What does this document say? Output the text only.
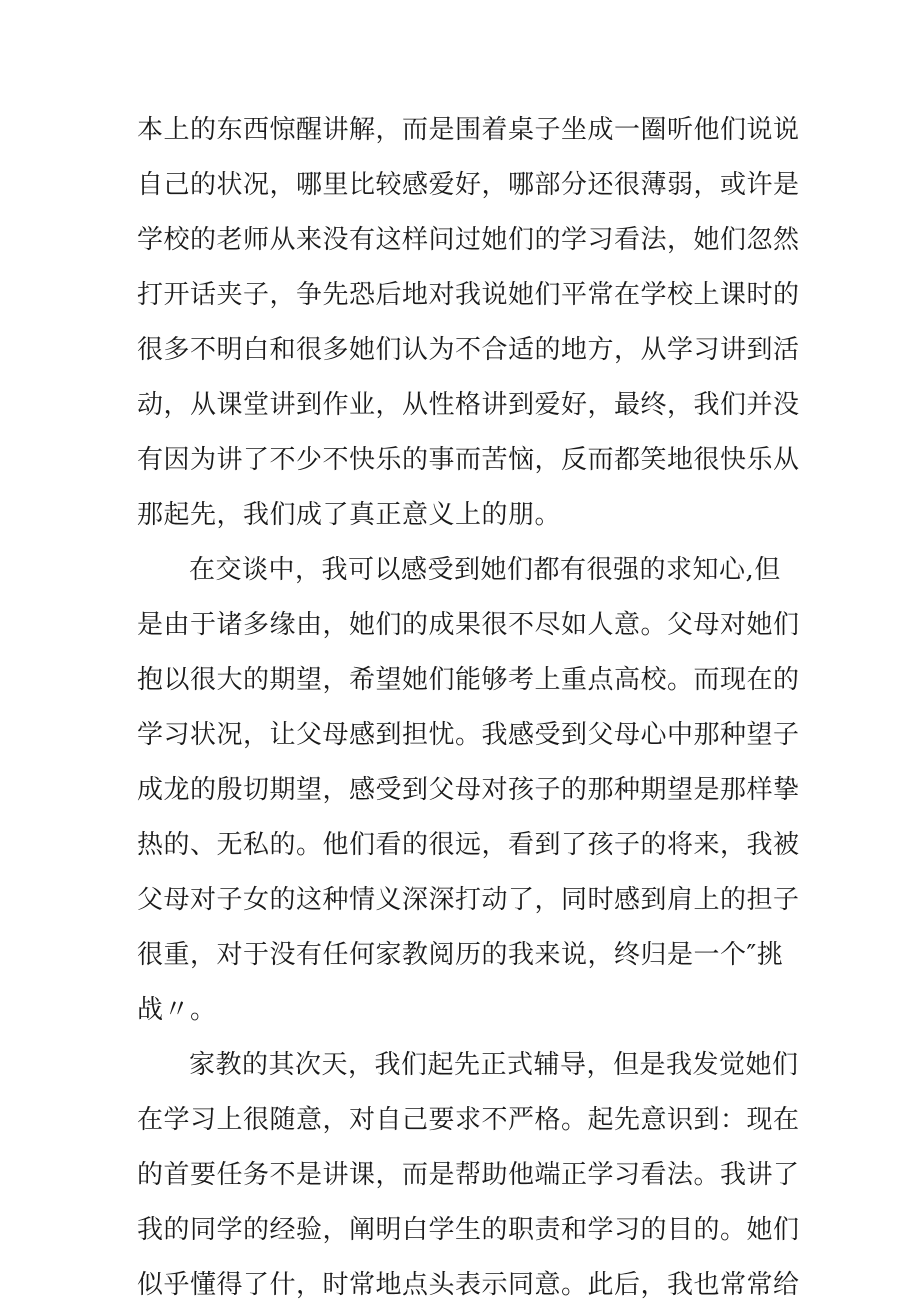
本上的东西惊醒讲解，而是围着桌子坐成一圈听他们说说
自己的状况，哪里比较感爱好，哪部分还很薄弱，或许是
学校的老师从来没有这样问过她们的学习看法，她们忽然
打开话夹子，争先恐后地对我说她们平常在学校上课时的
很多不明白和很多她们认为不合适的地方，从学习讲到活
动，从课堂讲到作业，从性格讲到爱好，最终，我们并没
有因为讲了不少不快乐的事而苦恼，反而都笑地很快乐从
那起先，我们成了真正意义上的朋。
在交谈中，我可以感受到她们都有很强的求知心,但
是由于诸多缘由，她们的成果很不尽如人意。父母对她们
抱以很大的期望，希望她们能够考上重点高校。而现在的
学习状况，让父母感到担忧。我感受到父母心中那种望子
成龙的殷切期望，感受到父母对孩子的那种期望是那样挚
热的、无私的。他们看的很远，看到了孩子的将来，我被
父母对子女的这种情义深深打动了，同时感到肩上的担子
很重，对于没有任何家教阅历的我来说，终归是一个″挑
战〃。
家教的其次天，我们起先正式辅导，但是我发觉她们
在学习上很随意，对自己要求不严格。起先意识到：现在
的首要任务不是讲课，而是帮助他端正学习看法。我讲了
我的同学的经验，阐明白学生的职责和学习的目的。她们
似乎懂得了什，时常地点头表示同意。此后，我也常常给
